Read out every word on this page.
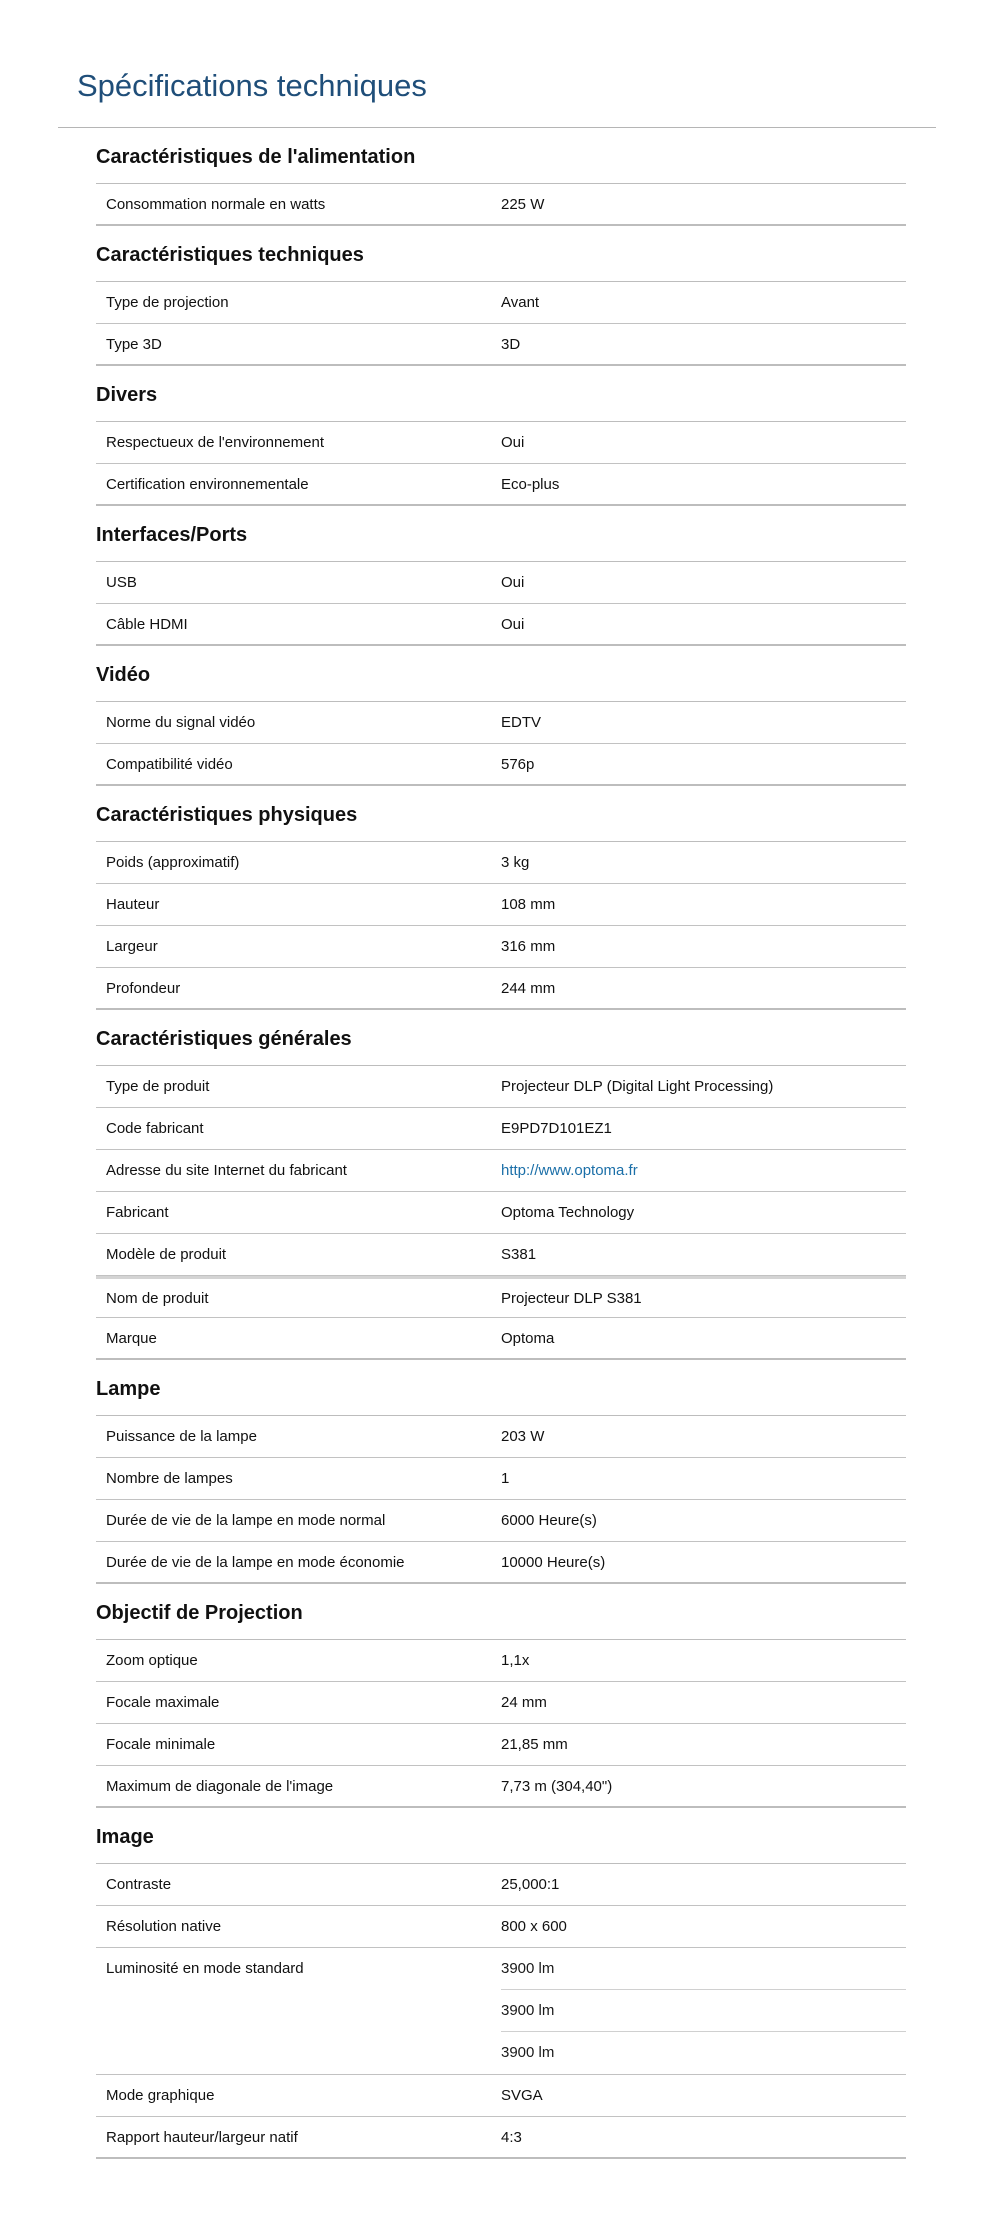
Spécifications techniques
Caractéristiques de l'alimentation
Consommation normale en watts	225 W
Caractéristiques techniques
Type de projection	Avant
Type 3D	3D
Divers
Respectueux de l'environnement	Oui
Certification environnementale	Eco-plus
Interfaces/Ports
USB	Oui
Câble HDMI	Oui
Vidéo
Norme du signal vidéo	EDTV
Compatibilité vidéo	576p
Caractéristiques physiques
Poids (approximatif)	3 kg
Hauteur	108 mm
Largeur	316 mm
Profondeur	244 mm
Caractéristiques générales
Type de produit	Projecteur DLP (Digital Light Processing)
Code fabricant	E9PD7D101EZ1
Adresse du site Internet du fabricant	http://www.optoma.fr
Fabricant	Optoma Technology
Modèle de produit	S381
Nom de produit	Projecteur DLP S381
Marque	Optoma
Lampe
Puissance de la lampe	203 W
Nombre de lampes	1
Durée de vie de la lampe en mode normal	6000 Heure(s)
Durée de vie de la lampe en mode économie	10000 Heure(s)
Objectif de Projection
Zoom optique	1,1x
Focale maximale	24 mm
Focale minimale	21,85 mm
Maximum de diagonale de l'image	7,73 m (304,40")
Image
Contraste	25,000:1
Résolution native	800 x 600
Luminosité en mode standard	3900 lm
3900 lm
3900 lm
Mode graphique	SVGA
Rapport hauteur/largeur natif	4:3
